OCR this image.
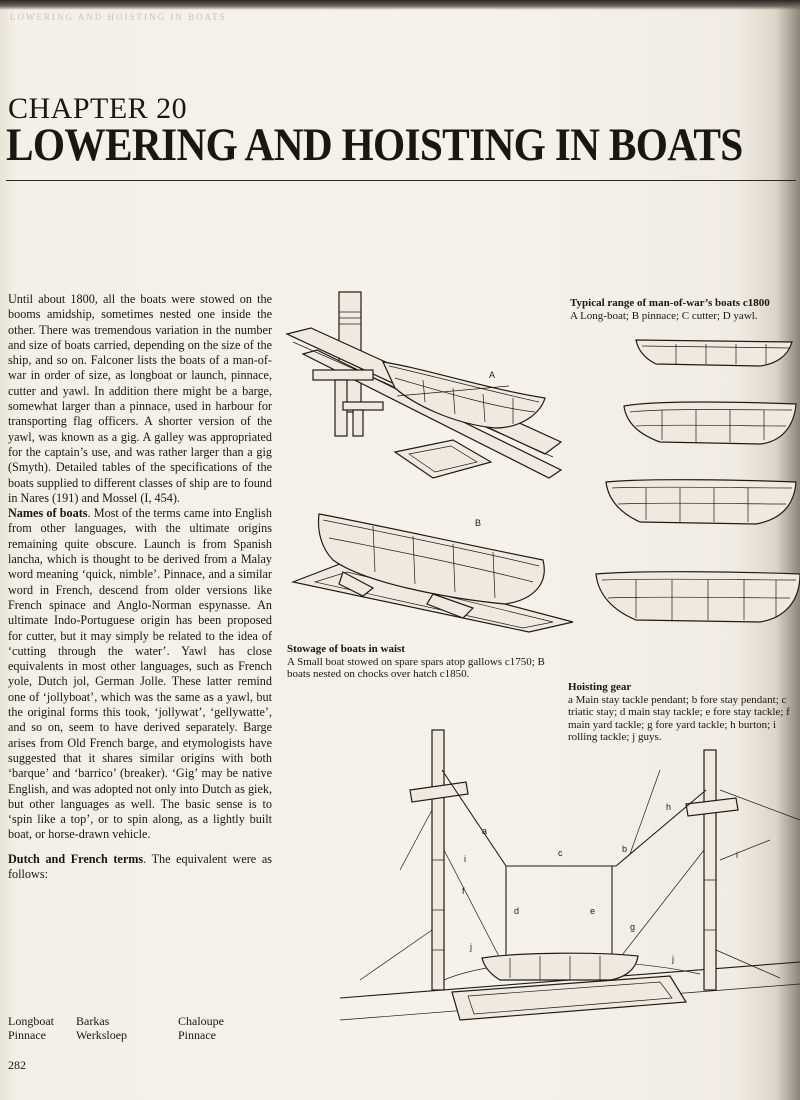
LOWERING AND HOISTING IN BOATS
CHAPTER 20
LOWERING AND HOISTING IN BOATS

Until about 1800, all the boats were stowed on the booms amidship, sometimes nested one inside the other. There was tremendous variation in the number and size of boats carried, depending on the size of the ship, and so on. Falconer lists the boats of a man-of-war in order of size, as longboat or launch, pinnace, cutter and yawl. In addition there might be a barge, somewhat larger than a pinnace, used in harbour for transporting flag officers. A shorter version of the yawl, was known as a gig. A galley was appropriated for the captain’s use, and was rather larger than a gig (Smyth). Detailed tables of the specifications of the boats supplied to different classes of ship are to found in Nares (191) and Mossel (I, 454).

Names of boats. Most of the terms came into English from other languages, with the ultimate origins remaining quite obscure. Launch is from Spanish lancha, which is thought to be derived from a Malay word meaning ‘quick, nimble’. Pinnace, and a similar word in French, descend from older versions like French spinace and Anglo-Norman espynasse. An ultimate Indo-Portuguese origin has been proposed for cutter, but it may simply be related to the idea of ‘cutting through the water’. Yawl has close equivalents in most other languages, such as French yole, Dutch jol, German Jolle. These latter remind one of ‘jollyboat’, which was the same as a yawl, but the original forms this took, ‘jollywat’, ‘gellywatte’, and so on, seem to have derived separately. Barge arises from Old French barge, and etymologists have suggested that it shares similar origins with both ‘barque’ and ‘barrico’ (breaker). ‘Gig’ may be native English, and was adopted not only into Dutch as giek, but other languages as well. The basic sense is to ‘spin like a top’, or to spin along, as a lightly built boat, or horse-drawn vehicle.

Dutch and French terms. The equivalent were as follows:

Longboat	Barkas	Chaloupe
Pinnace	Werksloep	Pinnace
282
Typical range of man-of-war’s boats c1800
A Long-boat; B pinnace; C cutter; D yawl.
Stowage of boats in waist
A Small boat stowed on spare spars atop gallows c1750; B boats nested on chocks over hatch c1850.
Hoisting gear
a Main stay tackle pendant; b fore stay pendant; c triatic stay; d main stay tackle; e fore stay tackle; f main yard tackle; g fore yard tackle; h burton; i rolling tackle; j guys.
A
B
a
b
c
d	e
f
g
h
i	i
j
j
